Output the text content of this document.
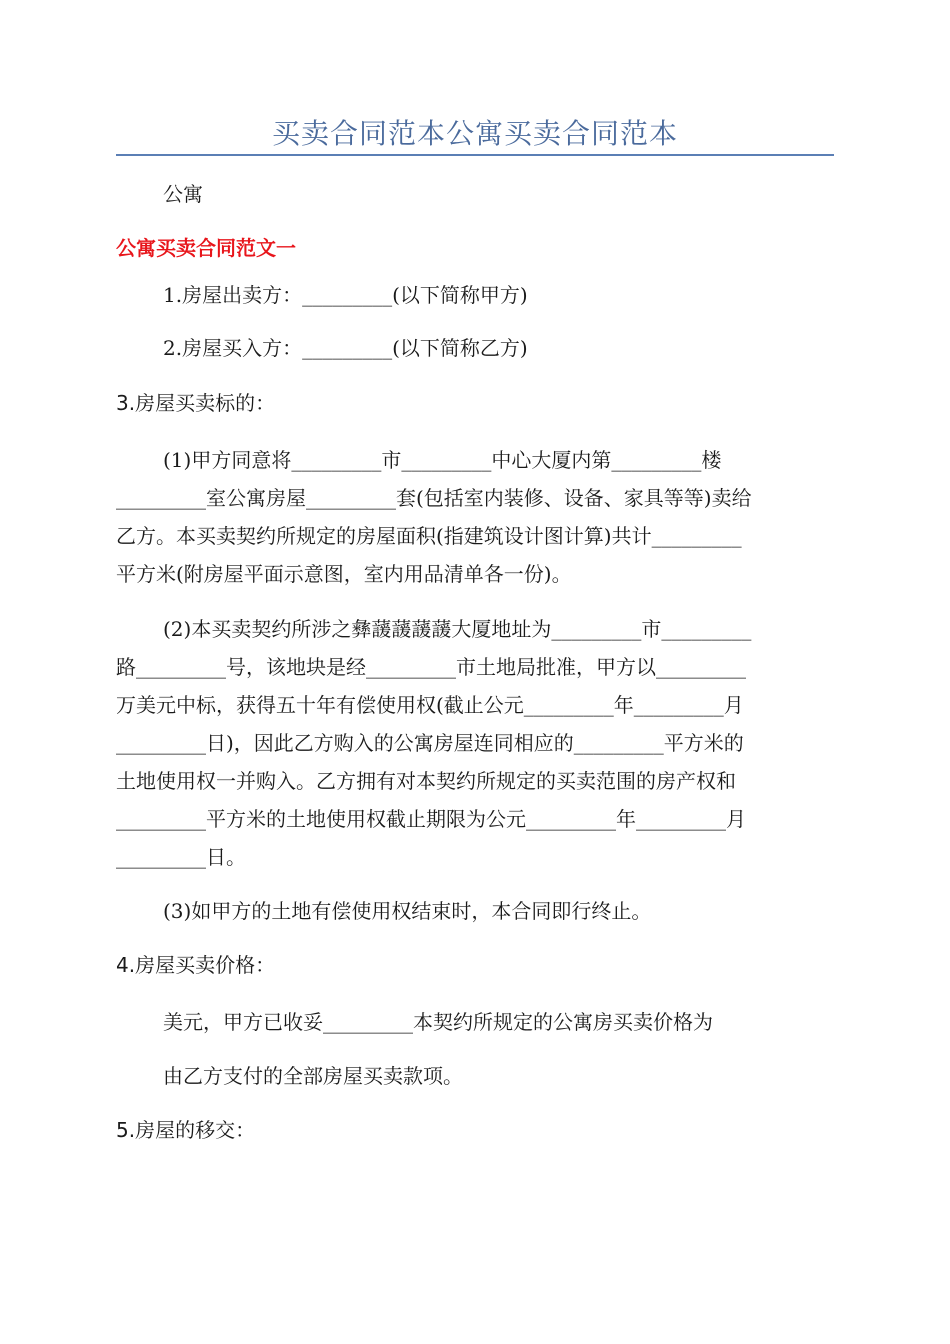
买卖合同范本公寓买卖合同范本
公寓
公寓买卖合同范文一
1.房屋出卖方：_________(以下简称甲方)
2.房屋买入方：_________(以下简称乙方)
3.房屋买卖标的：
(1)甲方同意将_________市_________中心大厦内第_________楼
_________室公寓房屋_________套(包括室内装修、设备、家具等等)卖给
乙方。本买卖契约所规定的房屋面积(指建筑设计图计算)共计_________
平方米(附房屋平面示意图，室内用品清单各一份)。
(2)本买卖契约所涉之彝蘐蘐蘐蘐大厦地址为_________市_________
路_________号，该地块是经_________市土地局批准，甲方以_________
万美元中标，获得五十年有偿使用权(截止公元_________年_________月
_________日)，因此乙方购入的公寓房屋连同相应的_________平方米的
土地使用权一并购入。乙方拥有对本契约所规定的买卖范围的房产权和
_________平方米的土地使用权截止期限为公元_________年_________月
_________日。
(3)如甲方的土地有偿使用权结束时，本合同即行终止。
4.房屋买卖价格：
美元，甲方已收妥_________本契约所规定的公寓房买卖价格为
由乙方支付的全部房屋买卖款项。
5.房屋的移交：
